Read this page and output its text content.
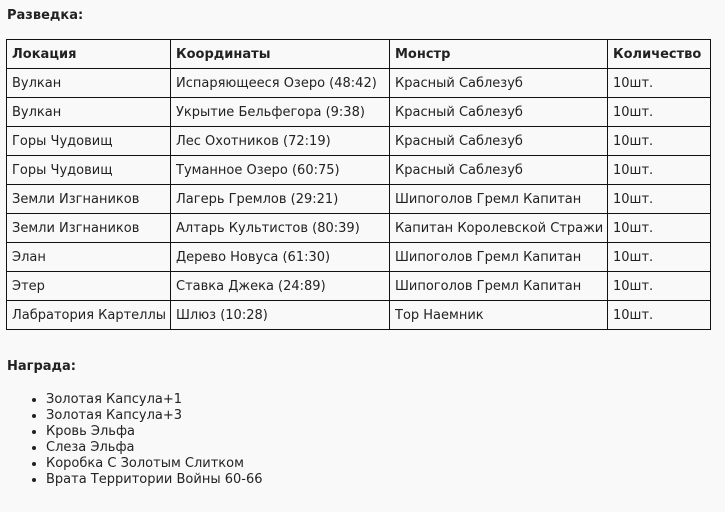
Разведка:
Локация	Координаты	Монстр	Количество
Вулкан	Испаряющееся Озеро (48:42)	Красный Саблезуб	10шт.
Вулкан	Укрытие Бельфегора (9:38)	Красный Саблезуб	10шт.
Горы Чудовищ	Лес Охотников (72:19)	Красный Саблезуб	10шт.
Горы Чудовищ	Туманное Озеро (60:75)	Красный Саблезуб	10шт.
Земли Изгнаников	Лагерь Гремлов (29:21)	Шипоголов Гремл Капитан	10шт.
Земли Изгнаников	Алтарь Культистов (80:39)	Капитан Королевской Стражи	10шт.
Элан	Дерево Новуса (61:30)	Шипоголов Гремл Капитан	10шт.
Этер	Ставка Джека (24:89)	Шипоголов Гремл Капитан	10шт.
Лабратория Картеллы	Шлюз (10:28)	Тор Наемник	10шт.
Награда:
• Золотая Капсула+1
• Золотая Капсула+3
• Кровь Эльфа
• Слеза Эльфа
• Коробка С Золотым Слитком
• Врата Территории Войны 60-66
